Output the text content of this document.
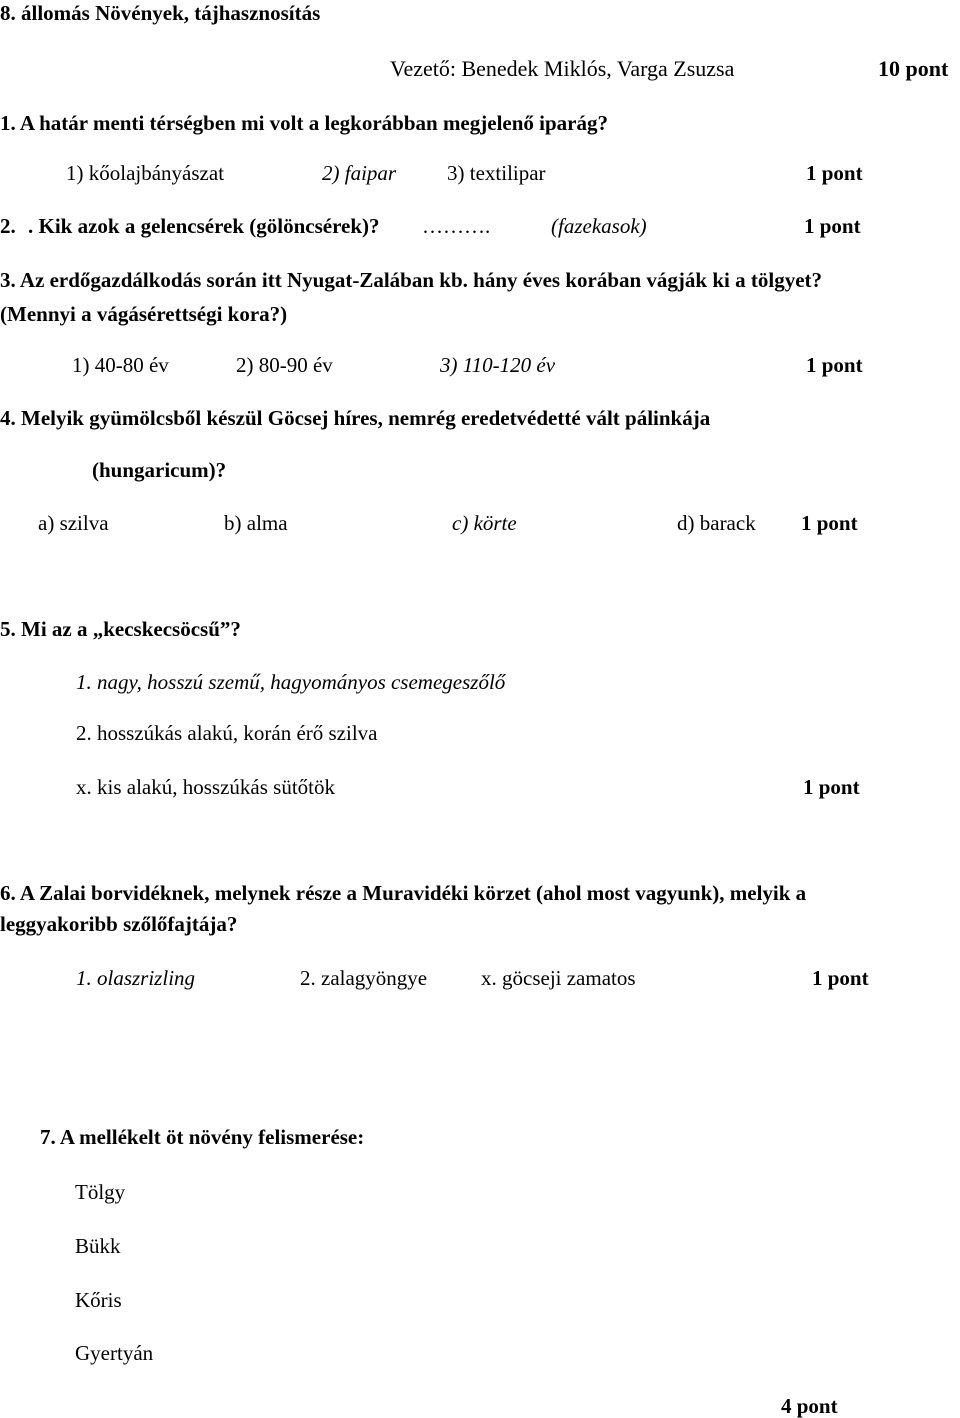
8. állomás Növények, tájhasznosítás
Vezető: Benedek Miklós, Varga Zsuzsa	10 pont
1. A határ menti térségben mi volt a legkorábban megjelenő iparág?
1) kőolajbányászat	2) faipar 3) textilipar	1 pont
2. . Kik azok a gelencsérek (gölöncsérek)? ……….	(fazekasok)	1 pont
3. Az erdőgazdálkodás során itt Nyugat-Zalában kb. hány éves korában vágják ki a tölgyet?
(Mennyi a vágásérettségi kora?)
1) 40-80 év	2) 80-90 év	3) 110-120 év	1 pont
4. Melyik gyümölcsből készül Göcsej híres, nemrég eredetvédetté vált pálinkája
(hungaricum)?
a) szilva	b) alma	c) körte	d) barack 1 pont
5. Mi az a „kecskecsöcsű”?
1. nagy, hosszú szemű, hagyományos csemegeszőlő
2. hosszúkás alakú, korán érő szilva
x. kis alakú, hosszúkás sütőtök	1 pont
6. A Zalai borvidéknek, melynek része a Muravidéki körzet (ahol most vagyunk), melyik a
leggyakoribb szőlőfajtája?
1. olaszrizling	2. zalagyöngye	x. göcseji zamatos	1 pont
7. A mellékelt öt növény felismerése:
Tölgy
Bükk
Kőris
Gyertyán
4 pont
